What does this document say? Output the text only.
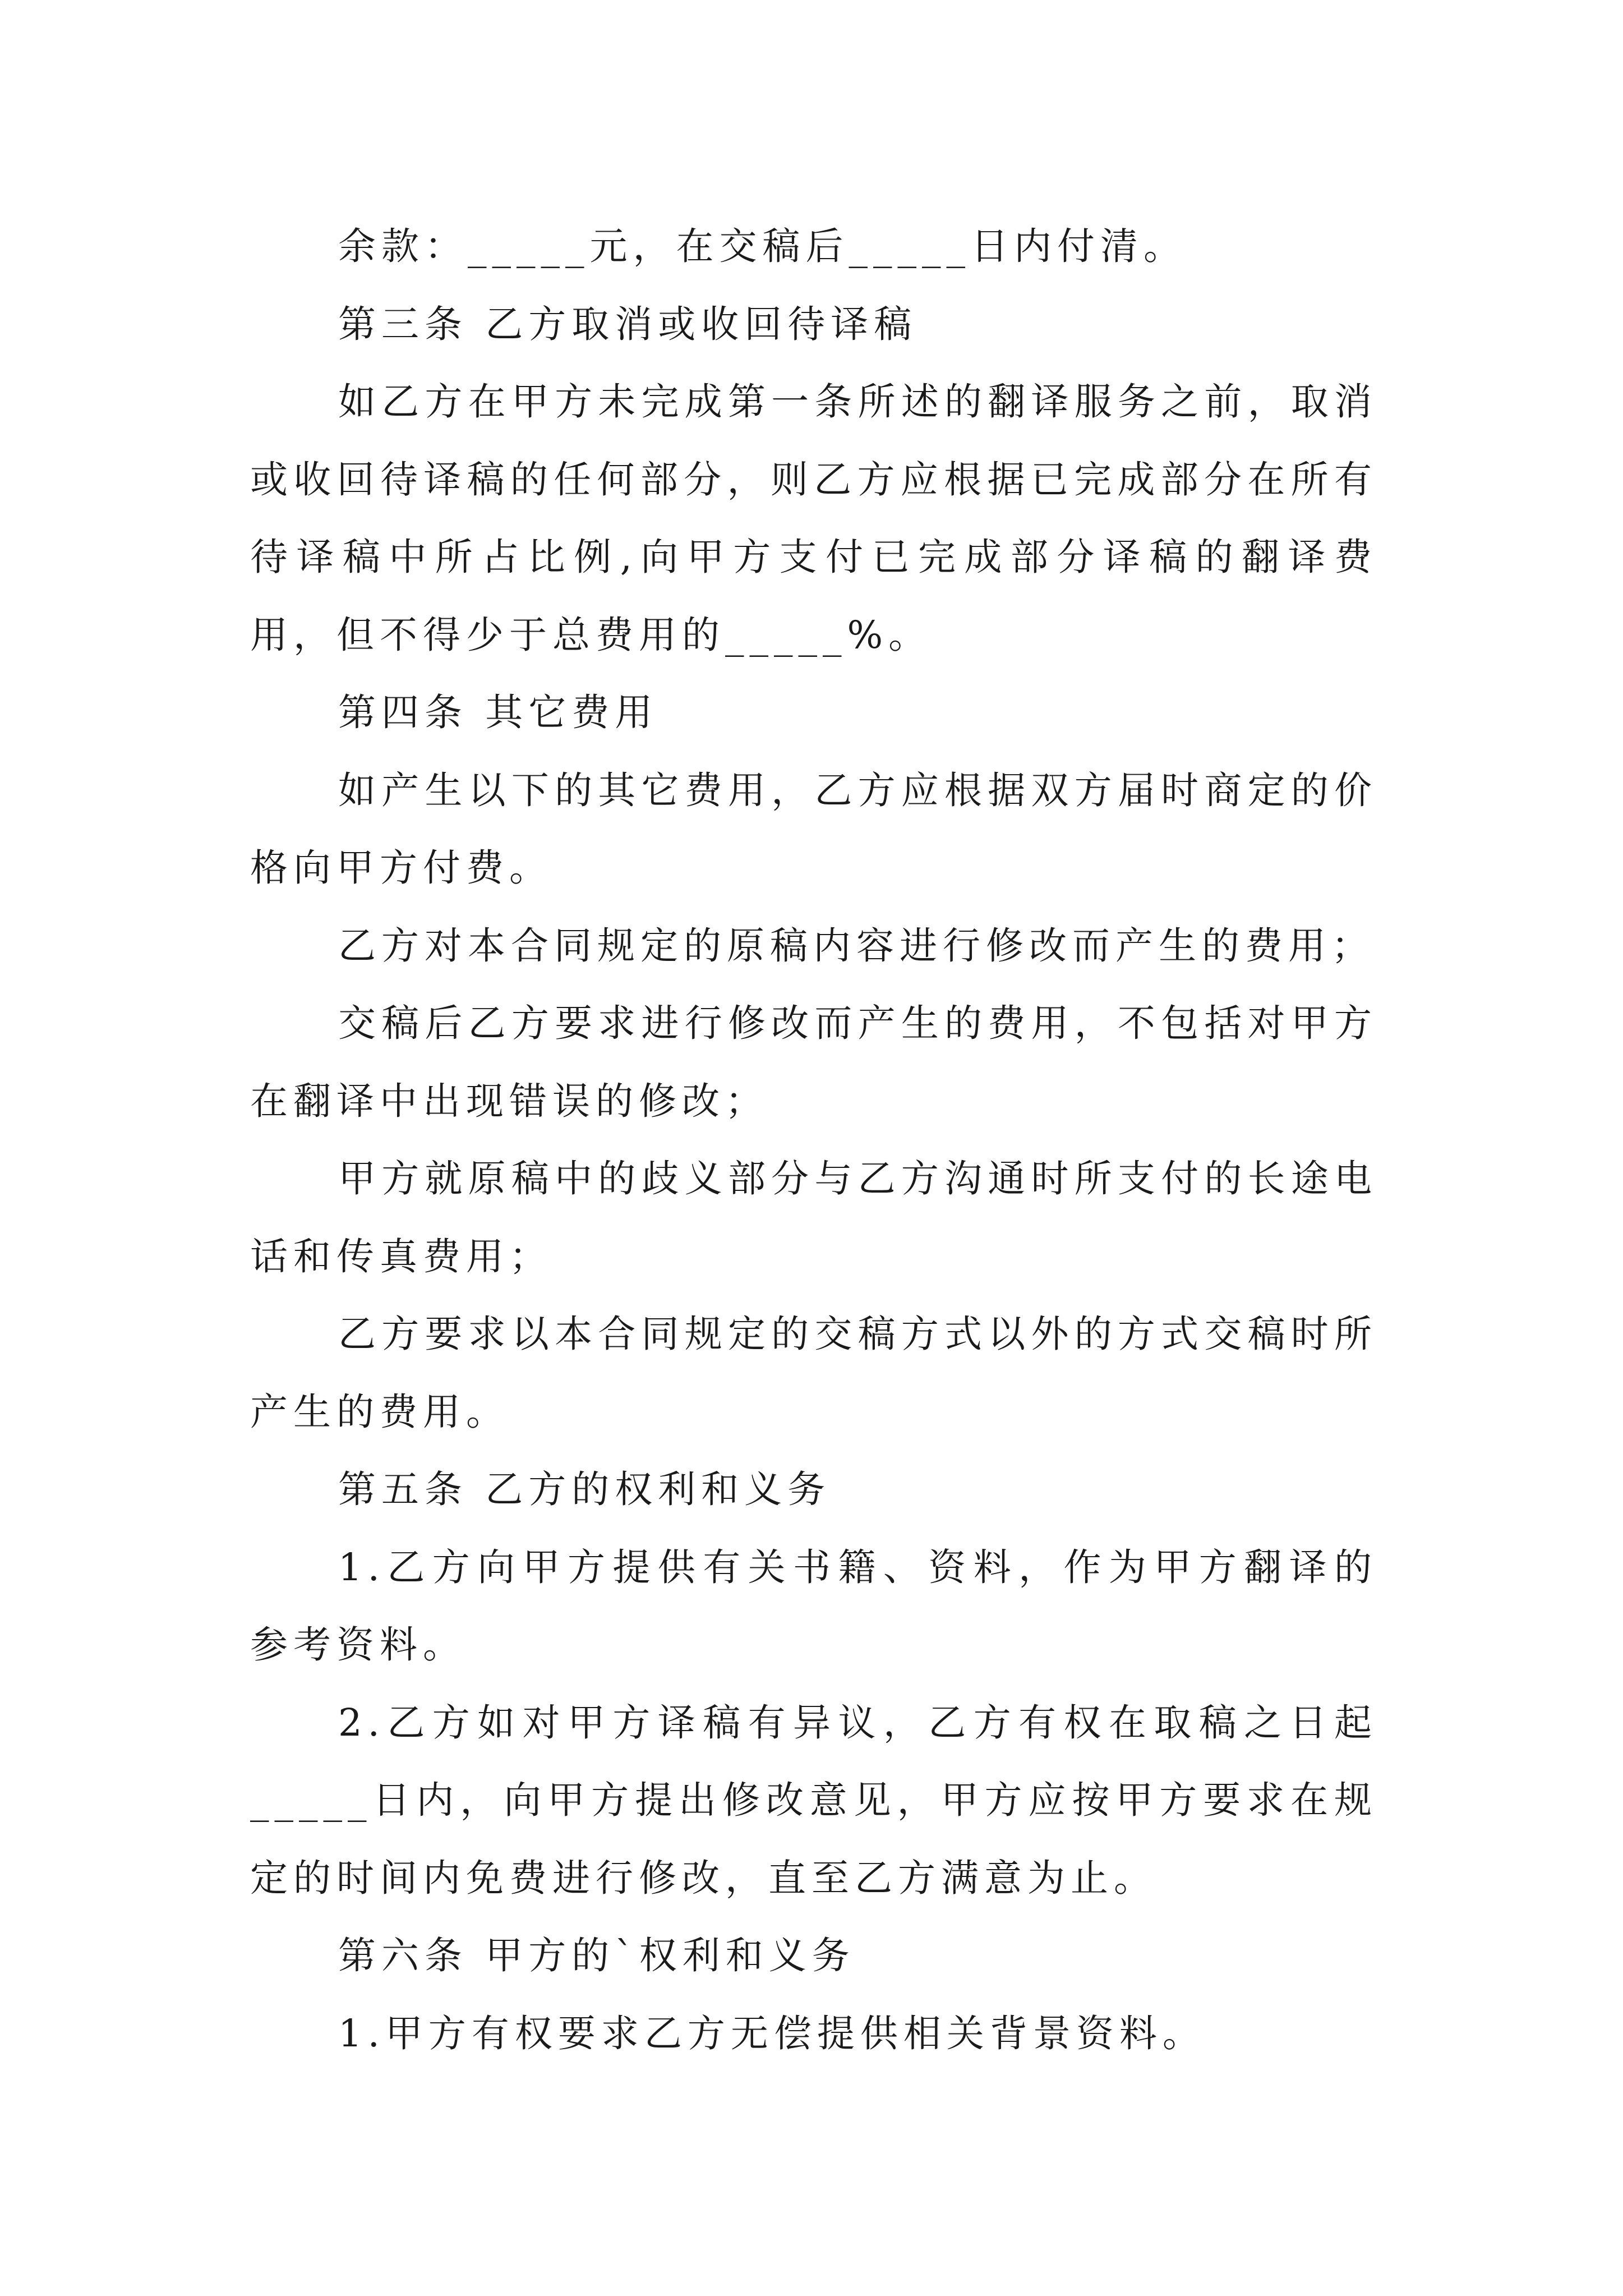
余款：_____元，在交稿后_____日内付清。

第三条 乙方取消或收回待译稿

如乙方在甲方未完成第一条所述的翻译服务之前，取消或收回待译稿的任何部分，则乙方应根据已完成部分在所有待译稿中所占比例,向甲方支付已完成部分译稿的翻译费用，但不得少于总费用的_____%。

第四条 其它费用

如产生以下的其它费用，乙方应根据双方届时商定的价格向甲方付费。

乙方对本合同规定的原稿内容进行修改而产生的费用；

交稿后乙方要求进行修改而产生的费用，不包括对甲方在翻译中出现错误的修改；

甲方就原稿中的歧义部分与乙方沟通时所支付的长途电话和传真费用；

乙方要求以本合同规定的交稿方式以外的方式交稿时所产生的费用。

第五条 乙方的权利和义务

1.乙方向甲方提供有关书籍、资料，作为甲方翻译的参考资料。

2.乙方如对甲方译稿有异议，乙方有权在取稿之日起_____日内，向甲方提出修改意见，甲方应按甲方要求在规定的时间内免费进行修改，直至乙方满意为止。

第六条 甲方的`权利和义务

1.甲方有权要求乙方无偿提供相关背景资料。
